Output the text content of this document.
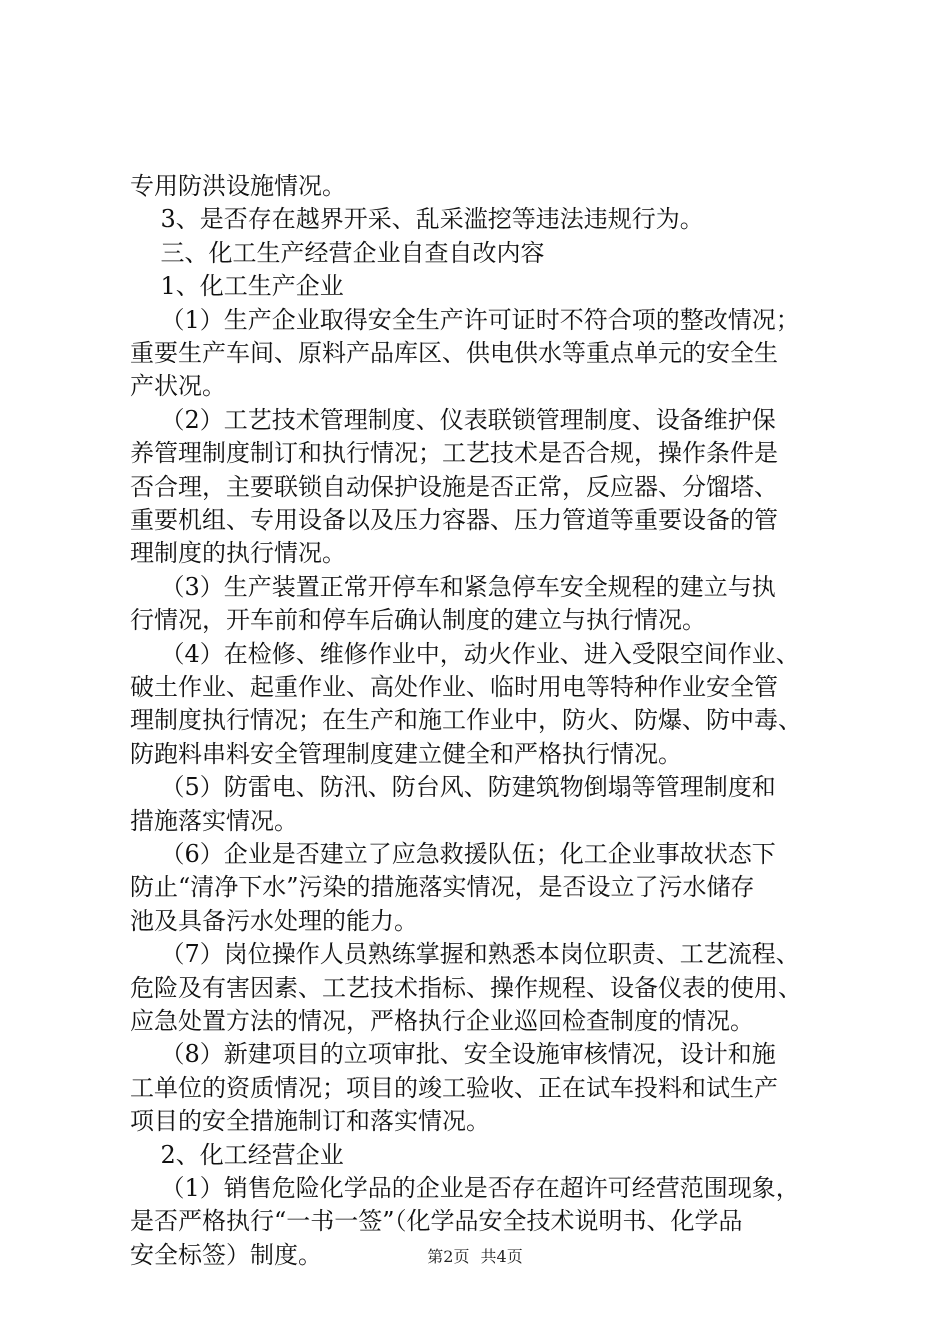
专用防洪设施情况。
3、是否存在越界开采、乱采滥挖等违法违规行为。
三、化工生产经营企业自查自改内容
1、化工生产企业
（1）生产企业取得安全生产许可证时不符合项的整改情况；
重要生产车间、原料产品库区、供电供水等重点单元的安全生
产状况。
（2）工艺技术管理制度、仪表联锁管理制度、设备维护保
养管理制度制订和执行情况；工艺技术是否合规，操作条件是
否合理，主要联锁自动保护设施是否正常，反应器、分馏塔、
重要机组、专用设备以及压力容器、压力管道等重要设备的管
理制度的执行情况。
（3）生产装置正常开停车和紧急停车安全规程的建立与执
行情况，开车前和停车后确认制度的建立与执行情况。
（4）在检修、维修作业中，动火作业、进入受限空间作业、
破土作业、起重作业、高处作业、临时用电等特种作业安全管
理制度执行情况；在生产和施工作业中，防火、防爆、防中毒、
防跑料串料安全管理制度建立健全和严格执行情况。
（5）防雷电、防汛、防台风、防建筑物倒塌等管理制度和
措施落实情况。
（6）企业是否建立了应急救援队伍；化工企业事故状态下
防止“清净下水”污染的措施落实情况，是否设立了污水储存
池及具备污水处理的能力。
（7）岗位操作人员熟练掌握和熟悉本岗位职责、工艺流程、
危险及有害因素、工艺技术指标、操作规程、设备仪表的使用、
应急处置方法的情况，严格执行企业巡回检查制度的情况。
（8）新建项目的立项审批、安全设施审核情况，设计和施
工单位的资质情况；项目的竣工验收、正在试车投料和试生产
项目的安全措施制订和落实情况。
2、化工经营企业
（1）销售危险化学品的企业是否存在超许可经营范围现象，
是否严格执行“一书一签”（化学品安全技术说明书、化学品
安全标签）制度。	第2页 共4页
